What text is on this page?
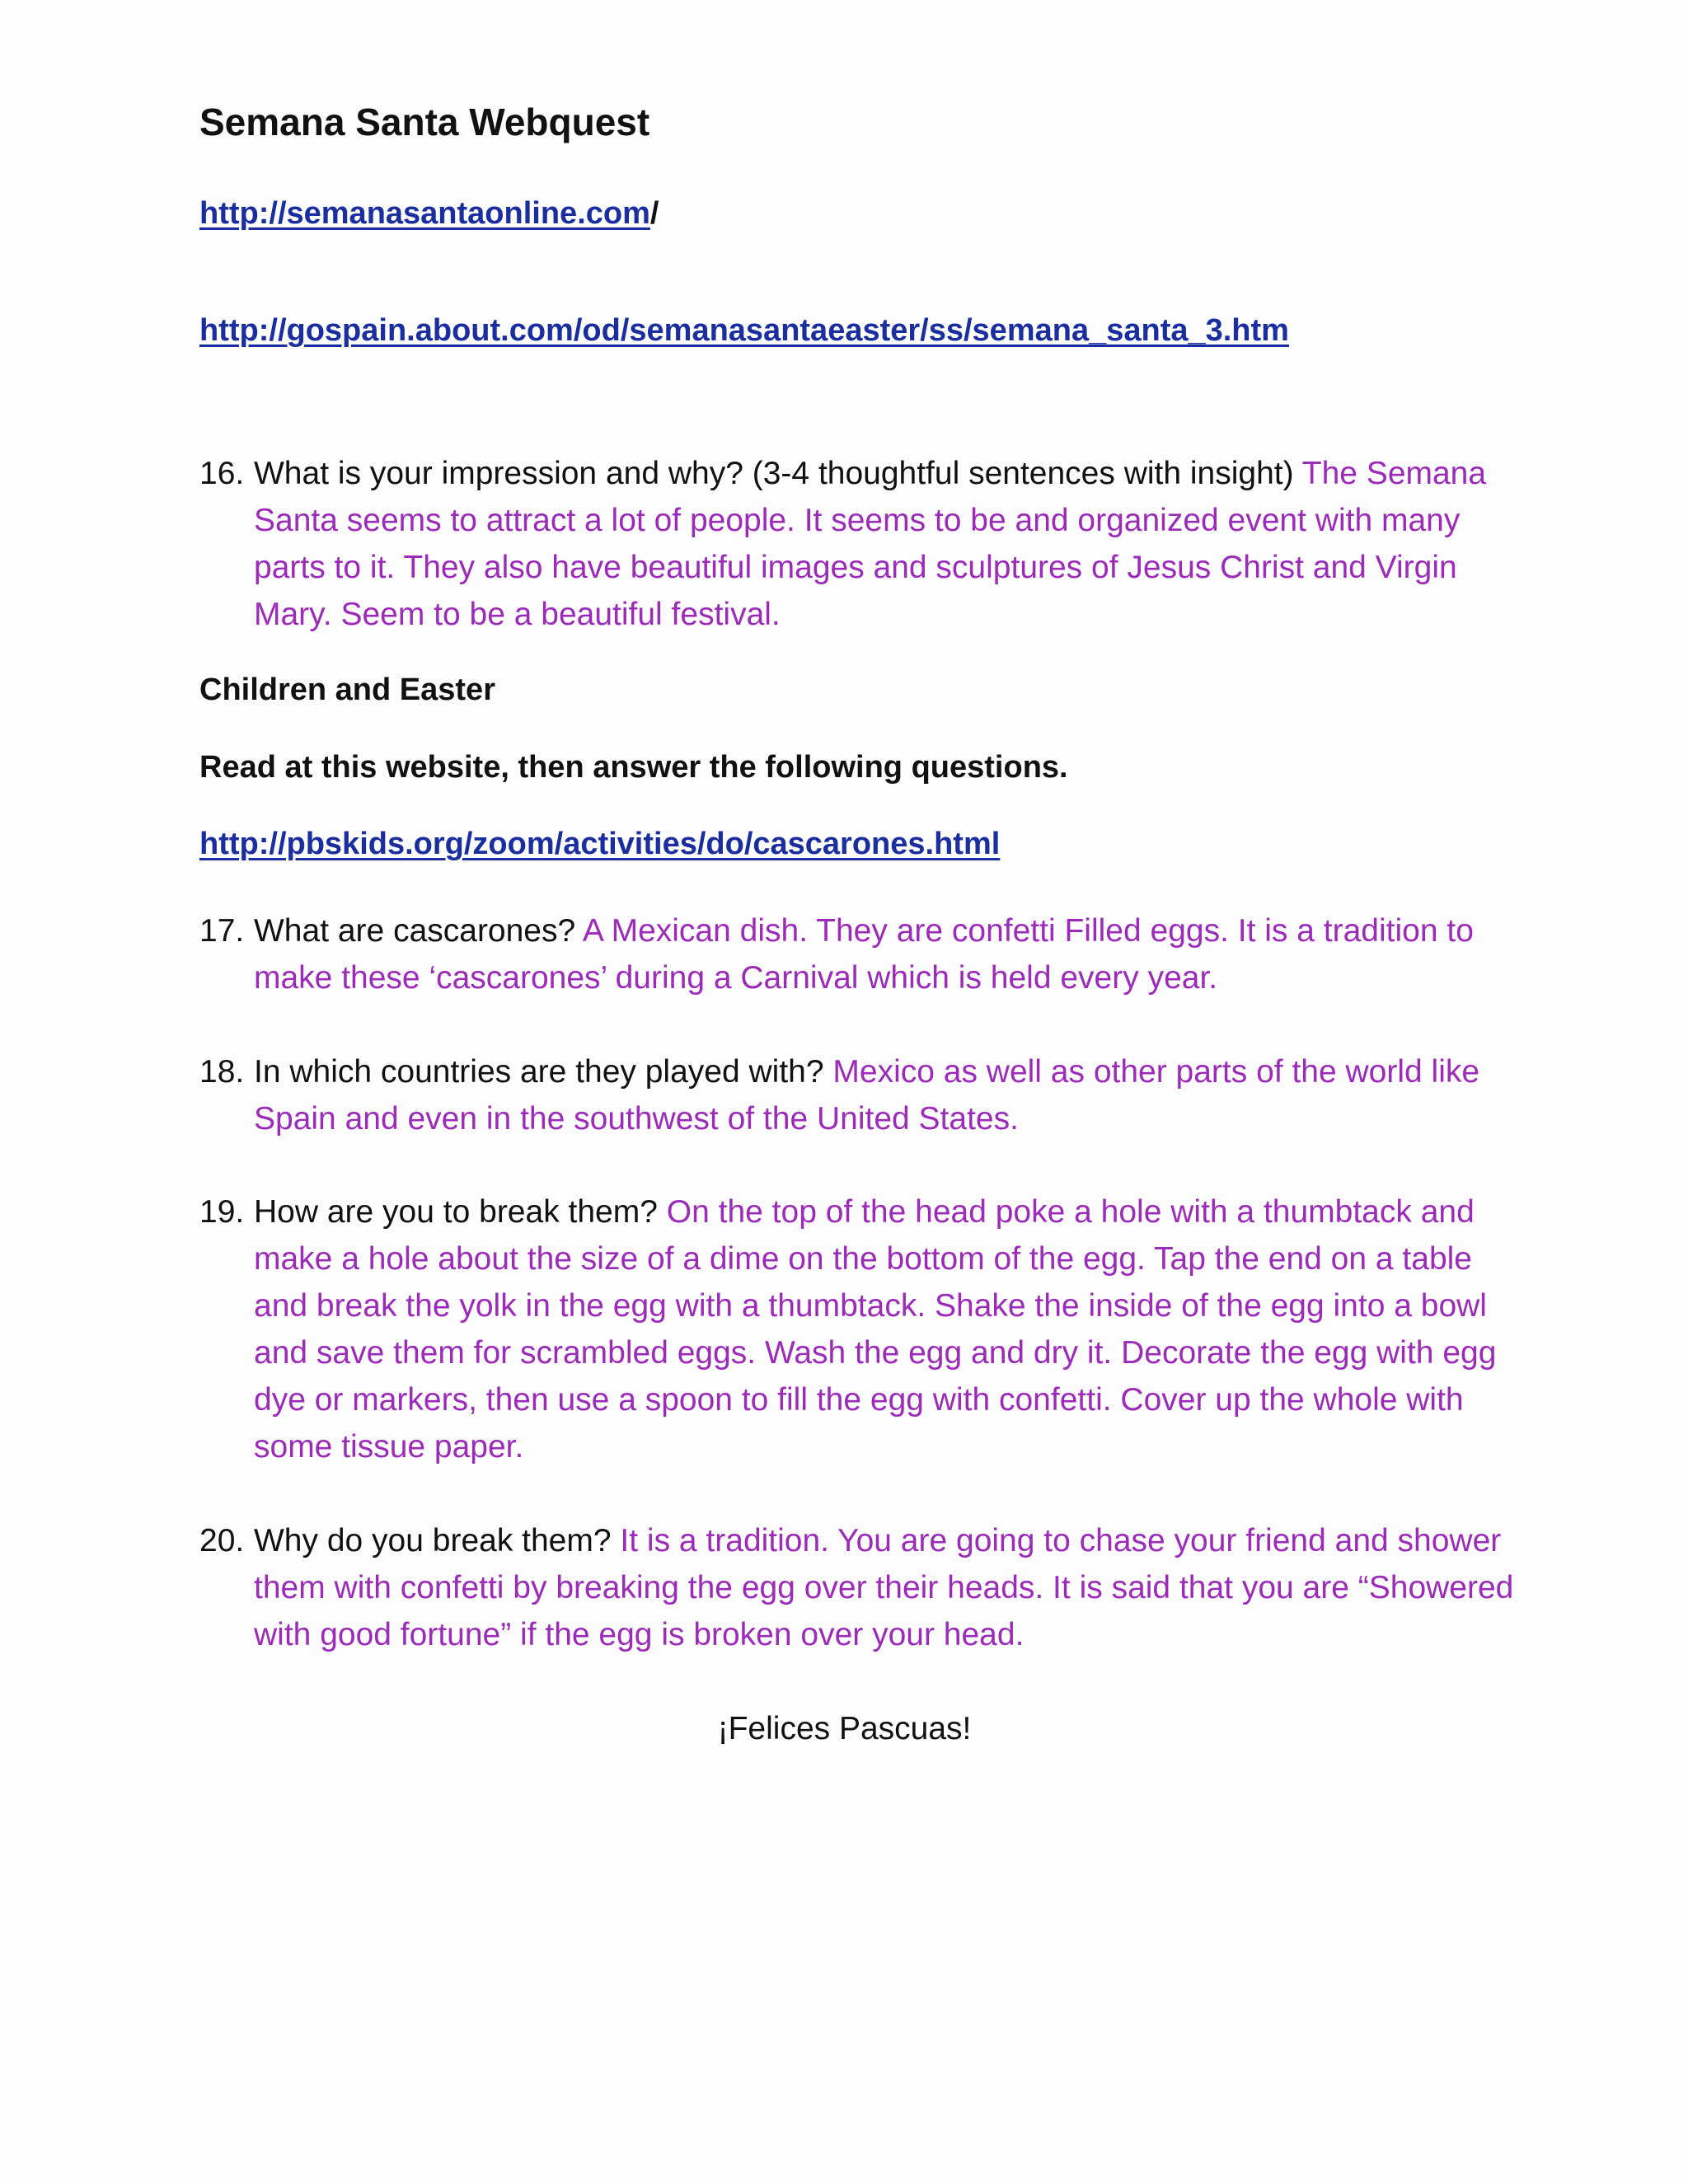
Semana Santa Webquest
http://semanasantaonline.com/
http://gospain.about.com/od/semanasantaeaster/ss/semana_santa_3.htm
16. What is your impression and why? (3-4 thoughtful sentences with insight) The Semana Santa seems to attract a lot of people. It seems to be and organized event with many parts to it. They also have beautiful images and sculptures of Jesus Christ and Virgin Mary. Seem to be a beautiful festival.
Children and Easter
Read at this website, then answer the following questions.
http://pbskids.org/zoom/activities/do/cascarones.html
17. What are cascarones? A Mexican dish. They are confetti Filled eggs. It is a tradition to make these ‘cascarones’ during a Carnival which is held every year.
18. In which countries are they played with? Mexico as well as other parts of the world like Spain and even in the southwest of the United States.
19. How are you to break them? On the top of the head poke a hole with a thumbtack and make a hole about the size of a dime on the bottom of the egg. Tap the end on a table and break the yolk in the egg with a thumbtack. Shake the inside of the egg into a bowl and save them for scrambled eggs. Wash the egg and dry it. Decorate the egg with egg dye or markers, then use a spoon to fill the egg with confetti. Cover up the whole with some tissue paper.
20. Why do you break them? It is a tradition. You are going to chase your friend and shower them with confetti by breaking the egg over their heads. It is said that you are “Showered with good fortune” if the egg is broken over your head.
¡Felices Pascuas!
